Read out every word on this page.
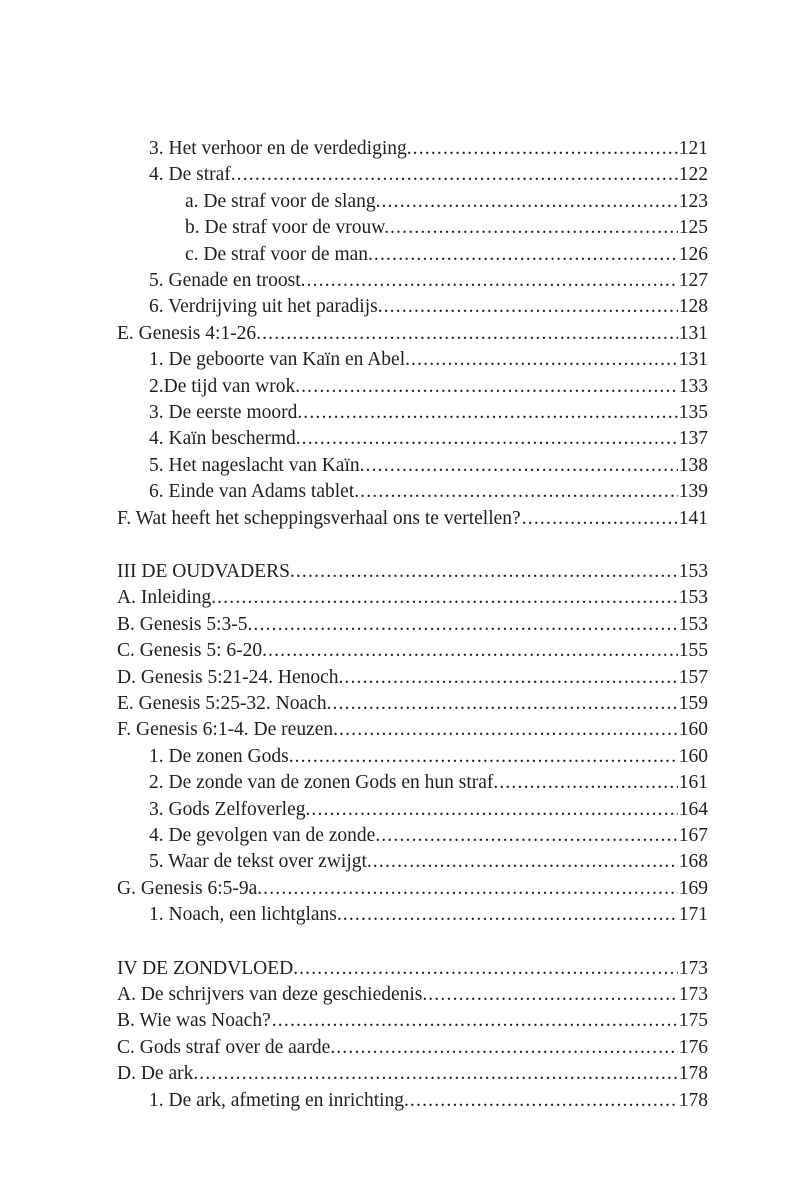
3. Het verhoor en de verdediging. .....	121
4. De straf. .....	122
a. De straf voor de slang. .....	123
b. De straf voor de vrouw. .....	125
c. De straf voor de man. .....	126
5. Genade en troost. .....	127
6. Verdrijving uit het paradijs. .....	128
E. Genesis 4:1-26. .....	131
1. De geboorte van Kaïn en Abel. .....	131
2.De tijd van wrok. .....	133
3. De eerste moord. .....	135
4. Kaïn beschermd. .....	137
5. Het nageslacht van Kaïn. .....	138
6. Einde van Adams tablet. .....	139
F. Wat heeft het scheppingsverhaal ons te vertellen? .....	141
III DE OUDVADERS. .....	153
A. Inleiding. .....	153
B. Genesis 5:3-5. .....	153
C. Genesis 5: 6-20. .....	155
D. Genesis 5:21-24. Henoch. .....	157
E. Genesis 5:25-32. Noach. .....	159
F. Genesis 6:1-4. De reuzen. .....	160
1. De zonen Gods. .....	160
2. De zonde van de zonen Gods en hun straf. .....	161
3. Gods Zelfoverleg. .....	164
4. De gevolgen van de zonde. .....	167
5. Waar de tekst over zwijgt. .....	168
G. Genesis 6:5-9a. .....	169
1. Noach, een lichtglans. .....	171
IV DE ZONDVLOED. .....	173
A. De schrijvers van deze geschiedenis. .....	173
B. Wie was Noach? .....	175
C. Gods straf over de aarde. .....	176
D. De ark. .....	178
1. De ark, afmeting en inrichting. .....	178
